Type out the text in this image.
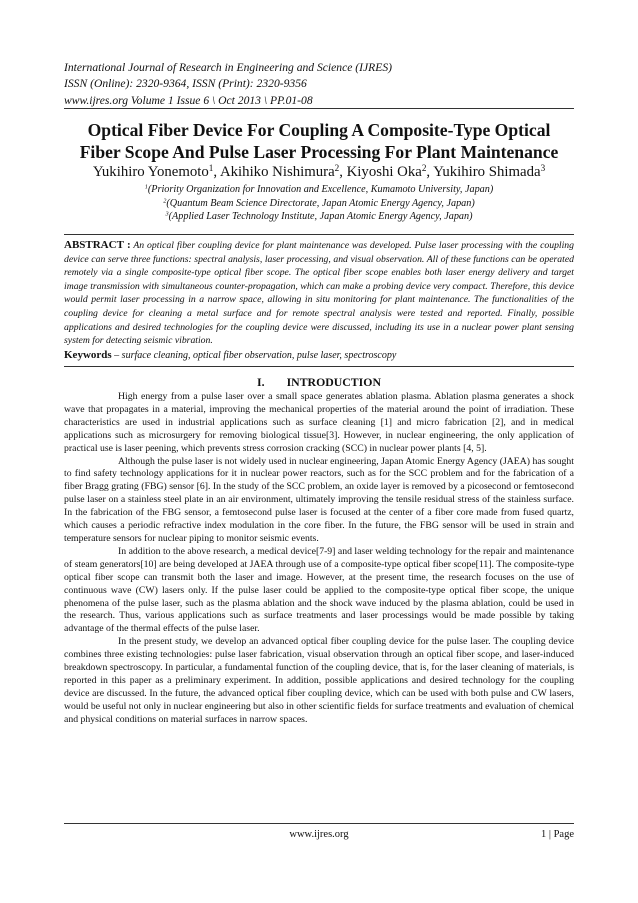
International Journal of Research in Engineering and Science (IJRES)
ISSN (Online): 2320-9364, ISSN (Print): 2320-9356
www.ijres.org Volume 1 Issue 6 \ Oct 2013 \ PP.01-08
Optical Fiber Device For Coupling A Composite-Type Optical
Fiber Scope And Pulse Laser Processing For Plant Maintenance
Yukihiro Yonemoto$^1$, Akihiko Nishimura$^2$, Kiyoshi Oka$^2$, Yukihiro Shimada$^3$
$^1$(Priority Organization for Innovation and Excellence, Kumamoto University, Japan)
$^2$(Quantum Beam Science Directorate, Japan Atomic Energy Agency, Japan)
$^3$(Applied Laser Technology Institute, Japan Atomic Energy Agency, Japan)
ABSTRACT : An optical fiber coupling device for plant maintenance was developed. Pulse laser processing with the coupling device can serve three functions: spectral analysis, laser processing, and visual observation. All of these functions can be operated remotely via a single composite-type optical fiber scope. The optical fiber scope enables both laser energy delivery and target image transmission with simultaneous counter-propagation, which can make a probing device very compact. Therefore, this device would permit laser processing in a narrow space, allowing in situ monitoring for plant maintenance. The functionalities of the coupling device for cleaning a metal surface and for remote spectral analysis were tested and reported. Finally, possible applications and desired technologies for the coupling device were discussed, including its use in a nuclear power plant sensing system for detecting seismic vibration.
Keywords – surface cleaning, optical fiber observation, pulse laser, spectroscopy
I. INTRODUCTION

High energy from a pulse laser over a small space generates ablation plasma. Ablation plasma generates a shock wave that propagates in a material, improving the mechanical properties of the material around the point of irradiation. These characteristics are used in industrial applications such as surface cleaning [1] and micro fabrication [2], and in medical applications such as microsurgery for removing biological tissue[3]. However, in nuclear engineering, the only application of practical use is laser peening, which prevents stress corrosion cracking (SCC) in nuclear power plants [4, 5].

Although the pulse laser is not widely used in nuclear engineering, Japan Atomic Energy Agency (JAEA) has sought to find safety technology applications for it in nuclear power reactors, such as for the SCC problem and for the fabrication of a fiber Bragg grating (FBG) sensor [6]. In the study of the SCC problem, an oxide layer is removed by a picosecond or femtosecond pulse laser on a stainless steel plate in an air environment, ultimately improving the tensile residual stress of the stainless surface. In the fabrication of the FBG sensor, a femtosecond pulse laser is focused at the center of a fiber core made from fused quartz, which causes a periodic refractive index modulation in the core fiber. In the future, the FBG sensor will be used in strain and temperature sensors for nuclear piping to monitor seismic events.

In addition to the above research, a medical device[7-9] and laser welding technology for the repair and maintenance of steam generators[10] are being developed at JAEA through use of a composite-type optical fiber scope[11]. The composite-type optical fiber scope can transmit both the laser and image. However, at the present time, the research focuses on the use of continuous wave (CW) lasers only. If the pulse laser could be applied to the composite-type optical fiber scope, the unique phenomena of the pulse laser, such as the plasma ablation and the shock wave induced by the plasma ablation, could be used in the research. Thus, various applications such as surface treatments and laser processings would be made possible by taking advantage of the thermal effects of the pulse laser.

In the present study, we develop an advanced optical fiber coupling device for the pulse laser. The coupling device combines three existing technologies: pulse laser fabrication, visual observation through an optical fiber scope, and laser-induced breakdown spectroscopy. In particular, a fundamental function of the coupling device, that is, for the laser cleaning of materials, is reported in this paper as a preliminary experiment. In addition, possible applications and desired technology for the coupling device are discussed. In the future, the advanced optical fiber coupling device, which can be used with both pulse and CW lasers, would be useful not only in nuclear engineering but also in other scientific fields for surface treatments and evaluation of chemical and physical conditions on material surfaces in narrow spaces.

www.ijres.org	1 | Page
